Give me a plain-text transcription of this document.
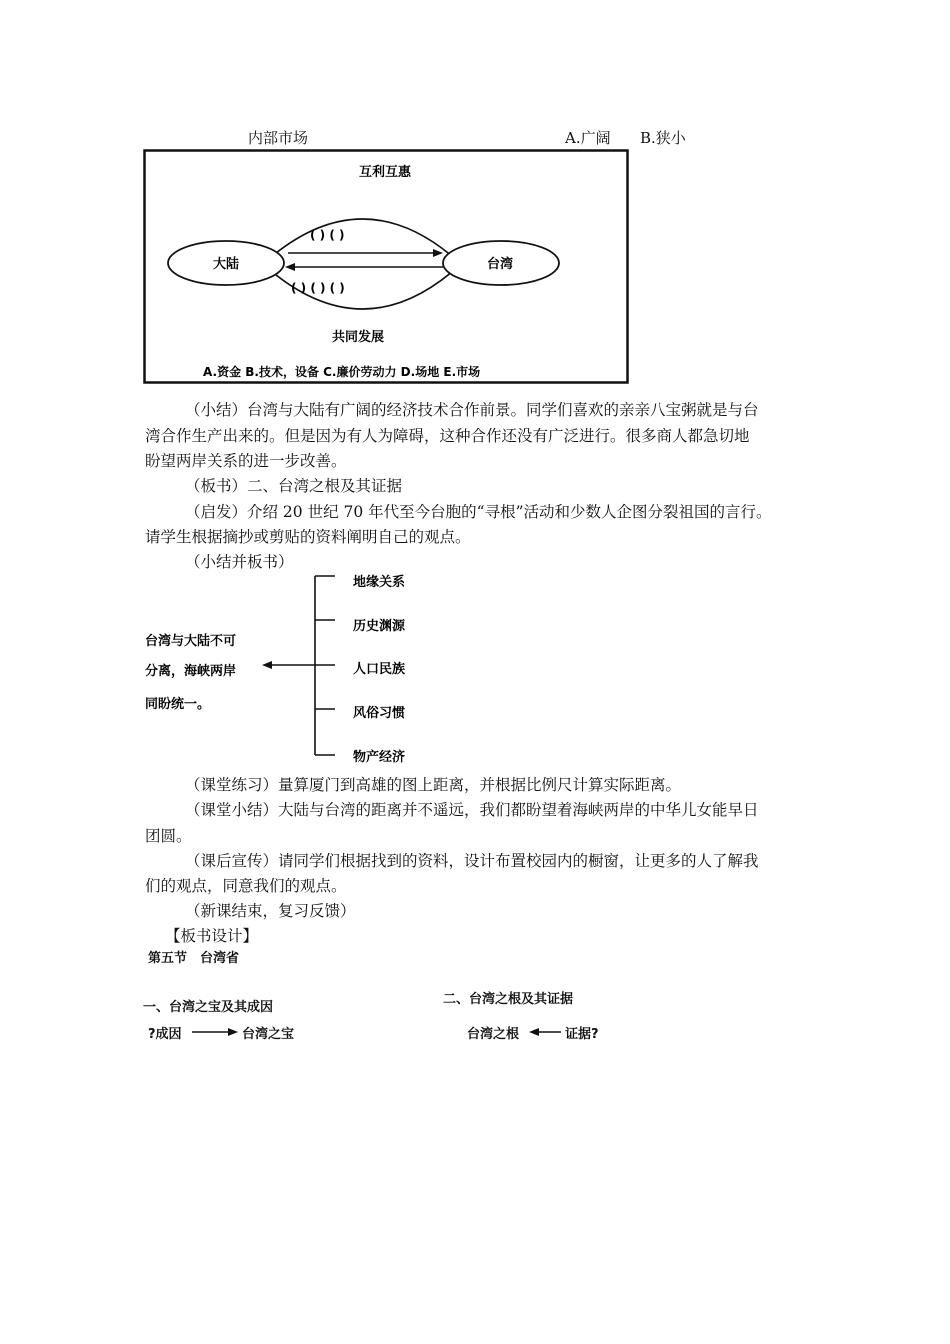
内部市场	A.广阔 B.狭小
互利互惠
大陆	台湾
( ) ( )
( ) ( ) ( )
共同发展
A.资金 B.技术，设备 C.廉价劳动力 D.场地 E.市场
（小结）台湾与大陆有广阔的经济技术合作前景。同学们喜欢的亲亲八宝粥就是与台
湾合作生产出来的。但是因为有人为障碍，这种合作还没有广泛进行。很多商人都急切地
盼望两岸关系的进一步改善。
（板书）二、台湾之根及其证据
（启发）介绍 20 世纪 70 年代至今台胞的“寻根”活动和少数人企图分裂祖国的言行。
请学生根据摘抄或剪贴的资料阐明自己的观点。
（小结并板书）
地缘关系
历史渊源
人口民族
风俗习惯
物产经济
台湾与大陆不可
分离，海峡两岸
同盼统一。
（课堂练习）量算厦门到高雄的图上距离，并根据比例尺计算实际距离。
（课堂小结）大陆与台湾的距离并不遥远，我们都盼望着海峡两岸的中华儿女能早日
团圆。
（课后宣传）请同学们根据找到的资料，设计布置校园内的橱窗，让更多的人了解我
们的观点，同意我们的观点。
（新课结束，复习反馈）
【板书设计】
第五节　台湾省
一、台湾之宝及其成因
二、台湾之根及其证据
?成因	台湾之宝	台湾之根	证据?
